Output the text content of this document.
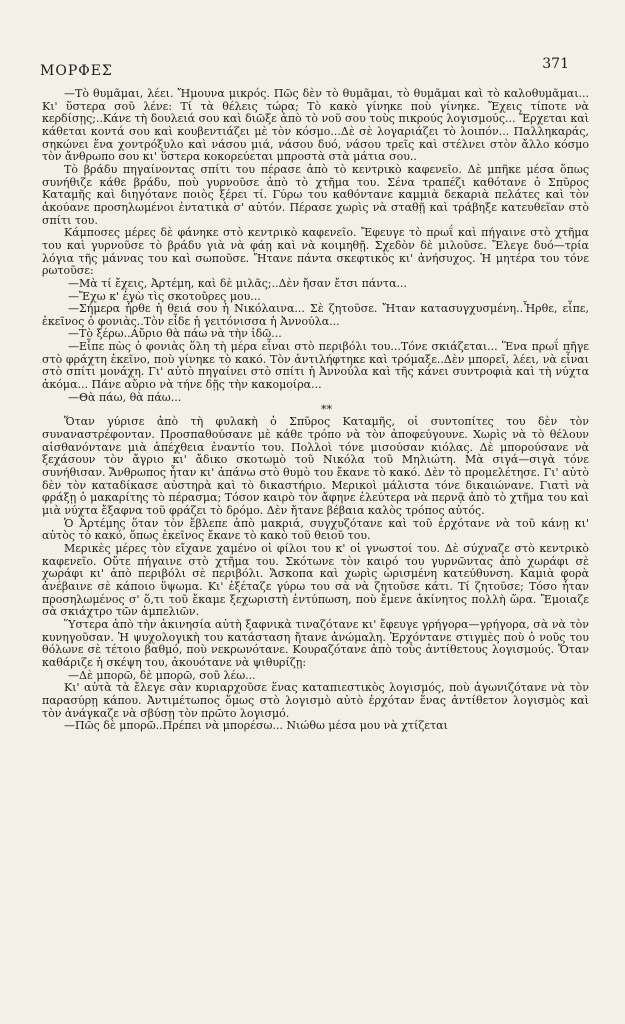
ΜΟΡΦΕΣ	371

—Τὸ θυμᾶμαι, λέει. Ἤμουνα μικρός. Πῶς δὲν τὸ θυμᾶμαι, τὸ θυμᾶμαι καὶ τὸ καλοθυμᾶμαι... Κι' ὕστερα σοῦ λένε: Τί τὰ θέλεις τώρα; Τὸ κακὸ γίνηκε ποὺ γίνηκε. Ἔχεις τίποτε νὰ κερδίσῃς;..Κάνε τὴ δουλειά σου καὶ διῶξε ἀπὸ τὸ νοῦ σου τοὺς πικρούς λογισμούς... Ἔρχεται καὶ κάθεται κοντά σου καὶ κουβεντιάζει μὲ τὸν κόσμο...Δὲ σὲ λογαριάζει τὸ λοιπόν... Παλληκαράς, σηκώνει ἕνα χοντρόξυλο καὶ νάσου μιά, νάσου δυό, νάσου τρεῖς καὶ στέλνει στὸν ἄλλο κόσμο τὸν ἄνθρωπο σου κι' ὕστερα κοκορεύεται μπροστὰ στὰ μάτια σου..

Τὸ βράδυ πηγαίνοντας σπίτι του πέρασε ἀπὸ τὸ κεντρικὸ καφενεῖο. Δὲ μπῆκε μέσα ὅπως συνήθιζε κάθε βράδυ, ποὺ γυρνοῦσε ἀπὸ τὸ χτῆμα του. Σένα τραπέζι καθότανε ὁ Σπῦρος Καταμῆς καὶ διηγότανε ποιὸς ξέρει τί. Γύρω του καθόντανε καμμιὰ δεκαριὰ πελάτες καὶ τὸν ἀκούανε προσηλωμένοι ἐντατικὰ σ' αὐτόν. Πέρασε χωρὶς νὰ σταθῇ καὶ τράβηξε κατευθεῖαν στὸ σπίτι του.

Κάμποσες μέρες δὲ φάνηκε στὸ κεντρικὸ καφενεῖο. Ἔφευγε τὸ πρωΐ καὶ πήγαινε στὸ χτῆμα του καὶ γυρνοῦσε τὸ βράδυ γιὰ νὰ φάῃ καὶ νὰ κοιμηθῇ. Σχεδὸν δὲ μιλοῦσε. Ἔλεγε δυό—τρία λόγια τῆς μάννας του καὶ σωποῦσε. Ἤτανε πάντα σκεφτικὸς κι' ἀνήσυχος. Ἡ μητέρα του τόνε ρωτοῦσε:

—Μὰ τί ἔχεις, Ἀρτέμη, καὶ δὲ μιλᾶς;..Δὲν ἤσαν ἔτσι πάντα...

—Ἔχω κ' ἐγὼ τὶς σκοτοῦρες μου...

—Σήμερα ἦρθε ἡ θειά σου ἡ Νικόλαινα... Σὲ ζητοῦσε. Ἤταν κατασυγχυσμένη..Ἦρθε, εἶπε, ἐκεῖνος ὁ φονιὰς..Τὸν εἶδε ἡ γειτόνισσα ἡ Ἀννούλα...

—Τὸ ξέρω..Αὔριο θὰ πάω νὰ τὴν ἰδῶ...

—Εἶπε πὼς ὁ φονιὰς ὅλη τὴ μέρα εἶναι στὸ περιβόλι του...Τόνε σκιάζεται... Ἕνα πρωΐ πῆγε στὸ φράχτη ἐκεῖνο, ποὺ γίνηκε τὸ κακό. Τὸν ἀντιλήφτηκε καὶ τρόμαξε..Δὲν μπορεῖ, λέει, νὰ εἶναι στὸ σπίτι μονάχη. Γι' αὐτὸ πηγαίνει στὸ σπίτι ἡ Ἀννούλα καὶ τῆς κάνει συντροφιὰ καὶ τὴ νύχτα ἀκόμα... Πάνε αὔριο νὰ τήνε δῇς τὴν κακομοίρα...

—Θὰ πάω, θὰ πάω...

**

Ὅταν γύρισε ἀπὸ τὴ φυλακὴ ὁ Σπῦρος Καταμῆς, οἱ συντοπίτες του δὲν τὸν συναναστρέφονταν. Προσπαθούσανε μὲ κάθε τρόπο νὰ τὸν ἀποφεύγουνε. Χωρὶς νὰ τὸ θέλουν αἰσθανόντανε μιὰ ἀπέχθεια ἐναντίο του. Πολλοὶ τόνε μισούσαν κιόλας. Δὲ μπορούσανε νὰ ξεχάσουν τὸν ἄγριο κι' ἄδικο σκοτωμὸ τοῦ Νικόλα τοῦ Μηλιώτη. Μὰ σιγά—σιγὰ τόνε συνήθισαν. Ἄνθρωπος ἦταν κι' ἀπάνω στὸ θυμὸ του ἔκανε τὸ κακό. Δὲν τὸ προμελέτησε. Γι' αὐτὸ δὲν τὸν καταδίκασε αὐστηρὰ καὶ τὸ δικαστήριο. Μερικοὶ μάλιστα τόνε δικαιώνανε. Γιατὶ νὰ φράξῃ ὁ μακαρίτης τὸ πέρασμα; Τόσον καιρὸ τὸν ἄφηνε ἐλεύτερα νὰ περνᾷ ἀπὸ τὸ χτῆμα του καὶ μιὰ νύχτα ἔξαφνα τοῦ φράζει τὸ δρόμο. Δὲν ἤτανε βέβαια καλὸς τρόπος αὐτός.

Ὁ Ἀρτέμης ὅταν τὸν ἔβλεπε ἀπὸ μακριά, συγχυζότανε καὶ τοῦ ἐρχότανε νὰ τοῦ κάνῃ κι' αὐτὸς τὸ κακό, ὅπως ἐκεῖνος ἔκανε τὸ κακὸ τοῦ θειοῦ του.

Μερικὲς μέρες τὸν εἴχανε χαμένο οἱ φίλοι του κ' οἱ γνωστοί του. Δὲ σύχναζε στὸ κεντρικὸ καφενεῖο. Οὔτε πήγαινε στὸ χτῆμα του. Σκότωνε τὸν καιρό του γυρνῶντας ἀπὸ χωράφι σὲ χωράφι κι' ἀπὸ περιβόλι σὲ περιβόλι. Ἄσκοπα καὶ χωρὶς ὡρισμένη κατεύθυνση. Καμιὰ φορὰ ἀνέβαινε σὲ κάποιο ὕψωμα. Κι' ἐξέταζε γύρω του σὰ νὰ ζητοῦσε κάτι. Τί ζητοῦσε; Τόσο ἦταν προσηλωμένος σ' ὅ,τι τοῦ ἔκαμε ξεχωριστὴ ἐντύπωση, ποὺ ἔμενε ἀκίνητος πολλὴ ὥρα. Ἔμοιαζε σὰ σκιάχτρο τῶν ἀμπελιῶν.

Ὕστερα ἀπὸ τὴν ἀκινησία αὐτὴ ξαφνικὰ τιναζότανε κι' ἔφευγε γρήγορα—γρήγορα, σὰ νὰ τὸν κυνηγοῦσαν. Ἡ ψυχολογικὴ του κατάσταση ἤτανε ἀνώμαλη. Ἐρχόντανε στιγμὲς ποὺ ὁ νοῦς του θόλωνε σὲ τέτοιο βαθμό, ποὺ νεκρωνότανε. Κουραζότανε ἀπὸ τοὺς ἀντίθετους λογισμούς. Ὅταν καθάριζε ἡ σκέψη του, ἀκουότανε νὰ ψιθυρίζῃ:

—Δὲ μπορῶ, δὲ μπορῶ, σοῦ λέω...

Κι' αὐτὰ τὰ ἔλεγε σὰν κυριαρχοῦσε ἕνας καταπιεστικὸς λογισμός, ποὺ ἀγωνιζότανε νὰ τὸν παρασύρῃ κάπου. Ἀντιμέτωπος ὅμως στὸ λογισμὸ αὐτὸ ἐρχόταν ἕνας ἀντίθετον λογισμὸς καὶ τὸν ἀνάγκαζε νὰ σβύσῃ τὸν πρῶτο λογισμό.

—Πῶς δὲ μπορῶ..Πρέπει νὰ μπορέσω... Νιώθω μέσα μου νὰ χτίζεται
